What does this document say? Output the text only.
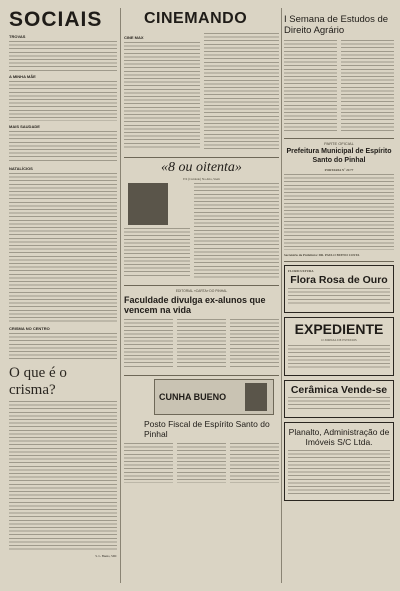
SOCIAIS
TROVAS
A MINHA MÃE
MAIS SAUDADE
NATALÍCIOS
CRISMA NO CENTRO
O que é o crisma?
S. L. Bueno, SDC
CINEMANDO
CINE MAX
«8 ou oitenta»
EX (Cuidado) Na Alta, Siem
EDITORIAL «CARTA» DO PINHAL
Faculdade divulga ex-alunos que vencem na vida
CUNHA BUENO
Posto Fiscal de Espírito Santo do Pinhal
I Semana de Estudos de Direito Agrário
PARTE OFICIAL
Prefeitura Municipal de Espírito Santo do Pinhal
PORTARIA Nº 22/77
Secretário da Prefeitura: DR. PAULO BUENO COSTA
FLORICULTURA
Flora Rosa de Ouro
EXPEDIENTE
O JORNAL DE ESTUDOS
Cerâmica Vende-se
Planalto, Administração de Imóveis S/C Ltda.
